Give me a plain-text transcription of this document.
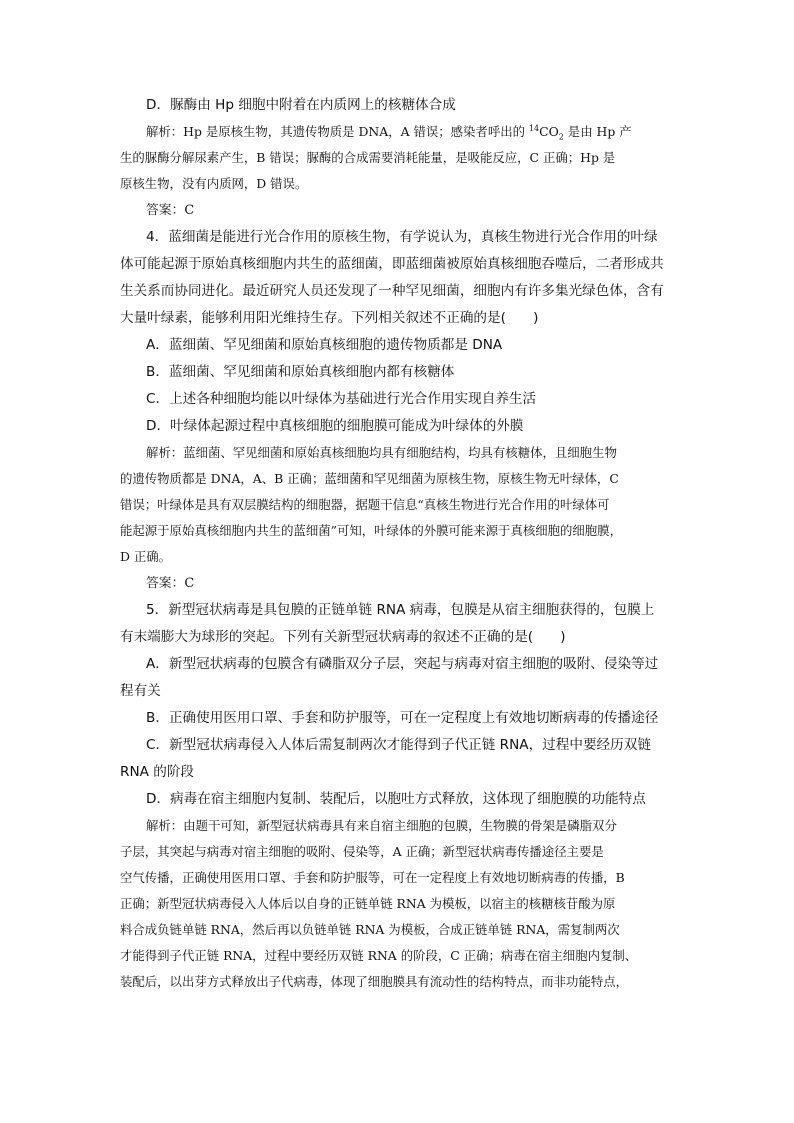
D．脲酶由 Hp 细胞中附着在内质网上的核糖体合成

解析：Hp 是原核生物，其遗传物质是 DNA，A 错误；感染者呼出的 $^{14}CO_2$ 是由 Hp 产

生的脲酶分解尿素产生，B 错误；脲酶的合成需要消耗能量，是吸能反应，C 正确；Hp 是

原核生物，没有内质网，D 错误。

答案：C

4．蓝细菌是能进行光合作用的原核生物，有学说认为，真核生物进行光合作用的叶绿

体可能起源于原始真核细胞内共生的蓝细菌，即蓝细菌被原始真核细胞吞噬后，二者形成共

生关系而协同进化。最近研究人员还发现了一种罕见细菌，细胞内有许多集光绿色体，含有

大量叶绿素，能够利用阳光维持生存。下列相关叙述不正确的是(　　)

A．蓝细菌、罕见细菌和原始真核细胞的遗传物质都是 DNA

B．蓝细菌、罕见细菌和原始真核细胞内都有核糖体

C．上述各种细胞均能以叶绿体为基础进行光合作用实现自养生活

D．叶绿体起源过程中真核细胞的细胞膜可能成为叶绿体的外膜

解析：蓝细菌、罕见细菌和原始真核细胞均具有细胞结构，均具有核糖体，且细胞生物

的遗传物质都是 DNA，A、B 正确；蓝细菌和罕见细菌为原核生物，原核生物无叶绿体，C

错误；叶绿体是具有双层膜结构的细胞器，据题干信息“真核生物进行光合作用的叶绿体可

能起源于原始真核细胞内共生的蓝细菌”可知，叶绿体的外膜可能来源于真核细胞的细胞膜，

D 正确。

答案：C

5．新型冠状病毒是具包膜的正链单链 RNA 病毒，包膜是从宿主细胞获得的，包膜上

有末端膨大为球形的突起。下列有关新型冠状病毒的叙述不正确的是(　　)

A．新型冠状病毒的包膜含有磷脂双分子层，突起与病毒对宿主细胞的吸附、侵染等过

程有关

B．正确使用医用口罩、手套和防护服等，可在一定程度上有效地切断病毒的传播途径

C．新型冠状病毒侵入人体后需复制两次才能得到子代正链 RNA，过程中要经历双链

RNA 的阶段

D．病毒在宿主细胞内复制、装配后，以胞吐方式释放，这体现了细胞膜的功能特点

解析：由题干可知，新型冠状病毒具有来自宿主细胞的包膜，生物膜的骨架是磷脂双分

子层，其突起与病毒对宿主细胞的吸附、侵染等，A 正确；新型冠状病毒传播途径主要是

空气传播，正确使用医用口罩、手套和防护服等，可在一定程度上有效地切断病毒的传播，B

正确；新型冠状病毒侵入人体后以自身的正链单链 RNA 为模板，以宿主的核糖核苷酸为原

料合成负链单链 RNA，然后再以负链单链 RNA 为模板，合成正链单链 RNA，需复制两次

才能得到子代正链 RNA，过程中要经历双链 RNA 的阶段，C 正确；病毒在宿主细胞内复制、

装配后，以出芽方式释放出子代病毒，体现了细胞膜具有流动性的结构特点，而非功能特点，
